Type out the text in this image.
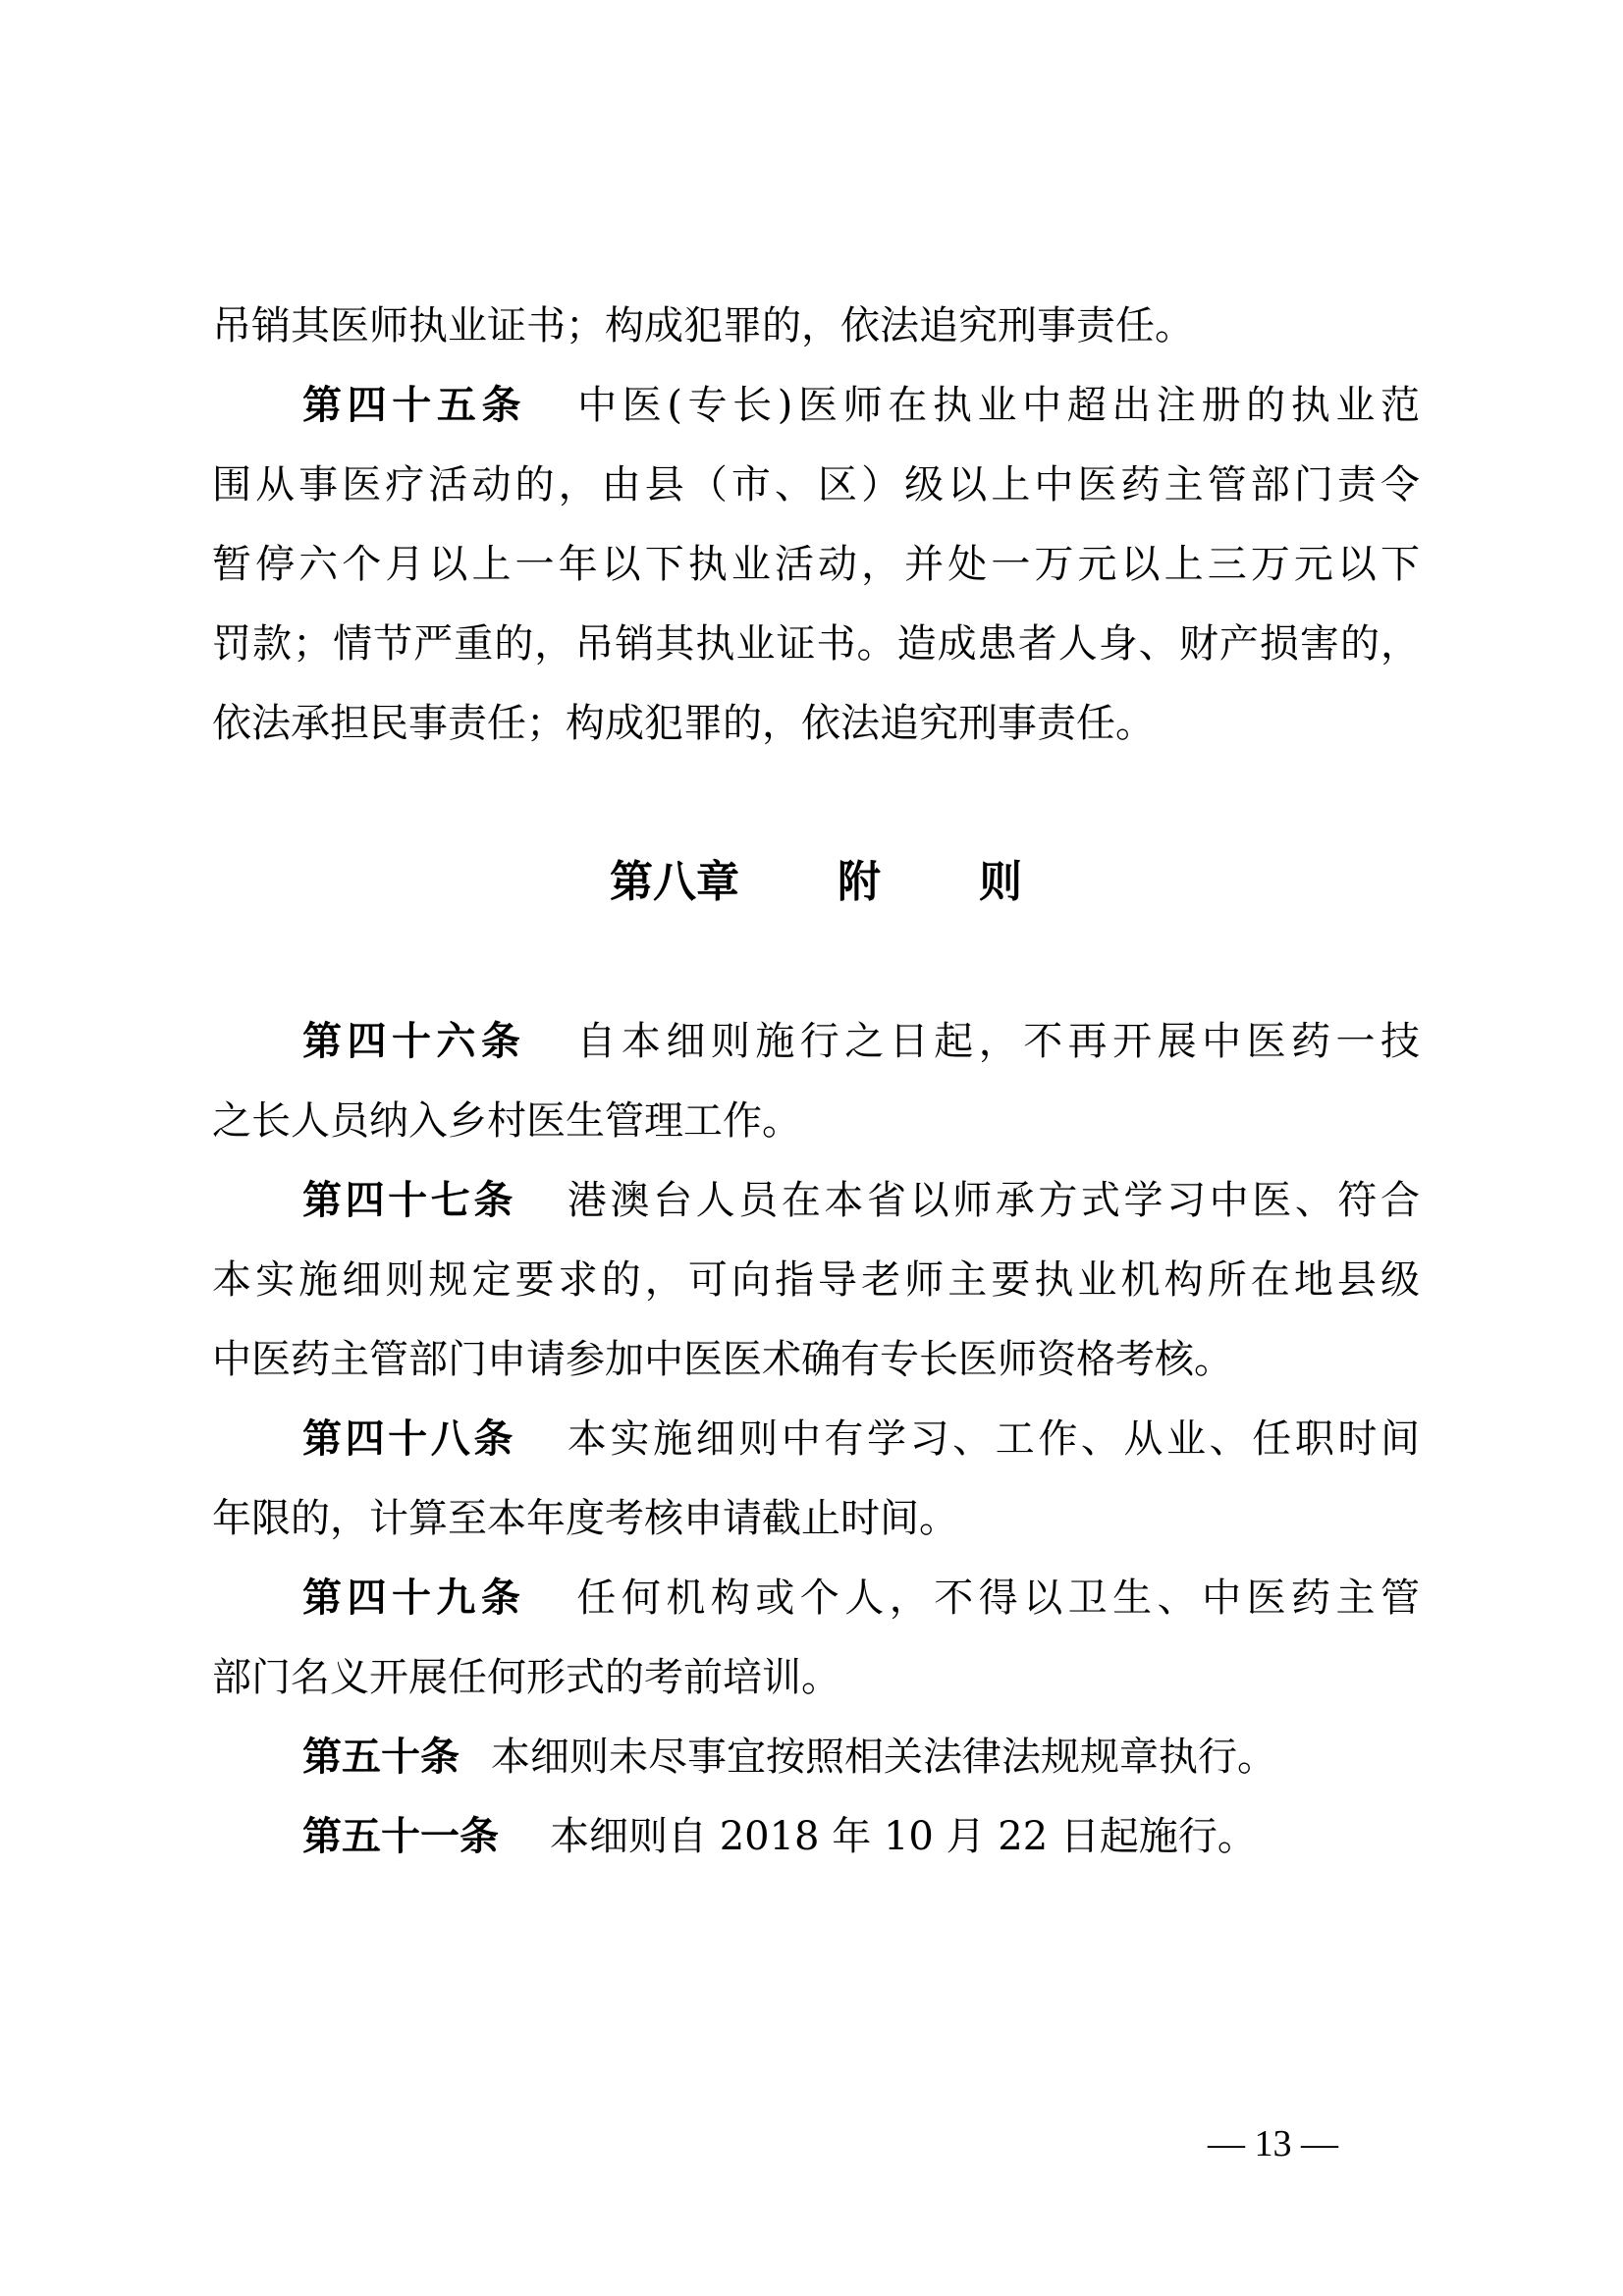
吊销其医师执业证书；构成犯罪的，依法追究刑事责任。
第四十五条 中医(专长)医师在执业中超出注册的执业范
围从事医疗活动的，由县（市、区）级以上中医药主管部门责令
暂停六个月以上一年以下执业活动，并处一万元以上三万元以下
罚款；情节严重的，吊销其执业证书。造成患者人身、财产损害的，
依法承担民事责任；构成犯罪的，依法追究刑事责任。
第八章 附 则
第四十六条 自本细则施行之日起，不再开展中医药一技
之长人员纳入乡村医生管理工作。
第四十七条 港澳台人员在本省以师承方式学习中医、符合
本实施细则规定要求的，可向指导老师主要执业机构所在地县级
中医药主管部门申请参加中医医术确有专长医师资格考核。
第四十八条 本实施细则中有学习、工作、从业、任职时间
年限的，计算至本年度考核申请截止时间。
第四十九条 任何机构或个人，不得以卫生、中医药主管
部门名义开展任何形式的考前培训。
第五十条 本细则未尽事宜按照相关法律法规规章执行。
第五十一条 本细则自 2018 年 10 月 22 日起施行。
— 13 —
